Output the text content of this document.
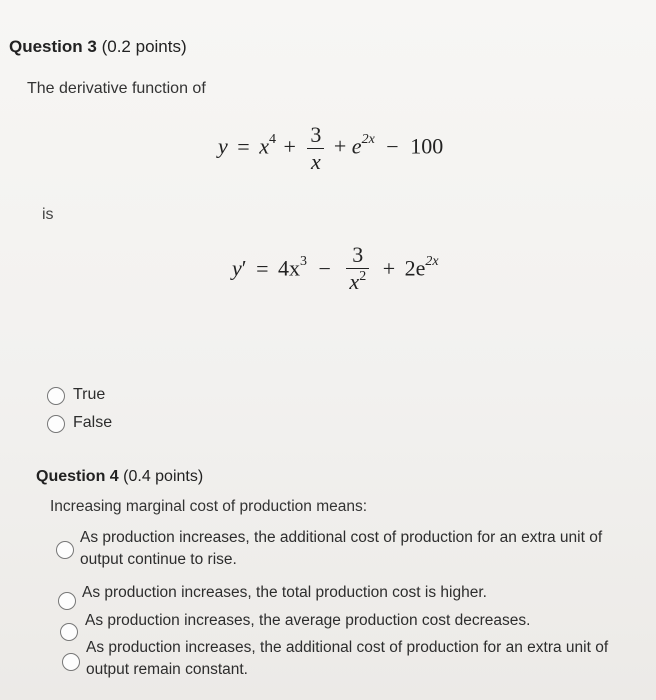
Question 3 (0.2 points)
The derivative function of
$y = x^4 + \frac{3}{x} + e^{2x} - 100$
is
$y' = 4x^3 - \frac{3}{x^2} + 2e^{2x}$
True
False
Question 4 (0.4 points)
Increasing marginal cost of production means:
As production increases, the additional cost of production for an extra unit of
output continue to rise.
As production increases, the total production cost is higher.
As production increases, the average production cost decreases.
As production increases, the additional cost of production for an extra unit of
output remain constant.
